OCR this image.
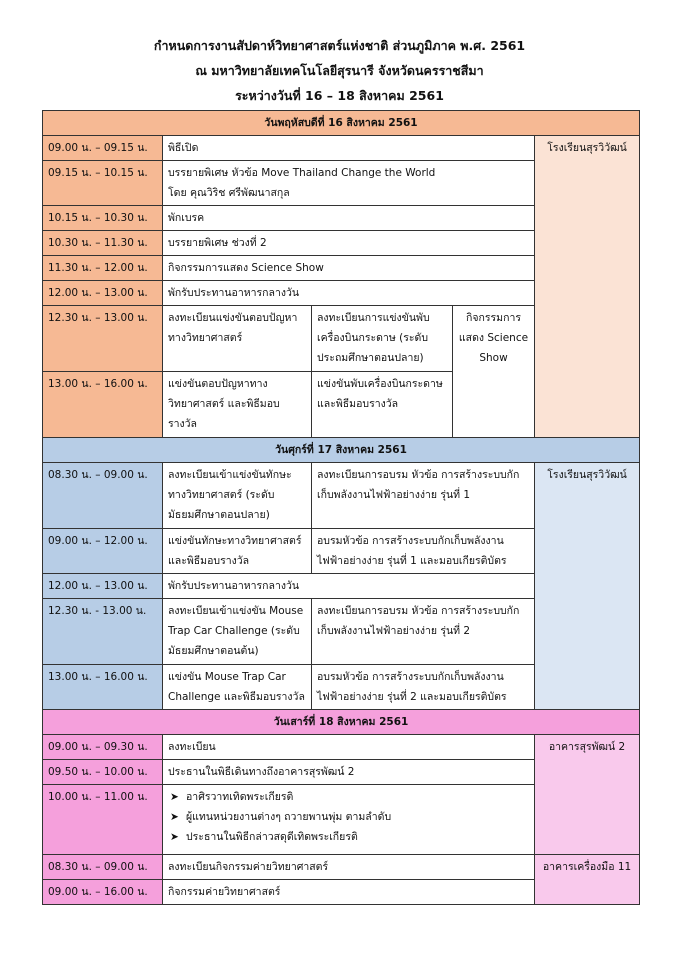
กำหนดการงานสัปดาห์วิทยาศาสตร์แห่งชาติ ส่วนภูมิภาค พ.ศ. 2561
ณ มหาวิทยาลัยเทคโนโลยีสุรนารี จังหวัดนครราชสีมา
ระหว่างวันที่ 16 – 18 สิงหาคม 2561
วันพฤหัสบดีที่ 16 สิงหาคม 2561				
09.00 น. – 09.15 น.	พิธีเปิด			โรงเรียนสุรวิวัฒน์
09.15 น. – 10.15 น.	บรรยายพิเศษ หัวข้อ Move Thailand Change the World
โดย คุณวิริช ศรีพัฒนาสกุล			
10.15 น. – 10.30 น.	พักเบรค			
10.30 น. – 11.30 น.	บรรยายพิเศษ ช่วงที่ 2			
11.30 น. – 12.00 น.	กิจกรรมการแสดง Science Show			
12.00 น. – 13.00 น.	พักรับประทานอาหารกลางวัน			
12.30 น. – 13.00 น.	ลงทะเบียนแข่งขันตอบปัญหาทางวิทยาศาสตร์	ลงทะเบียนการแข่งขันพับเครื่องบินกระดาษ (ระดับประถมศึกษาตอนปลาย)	กิจกรรมการแสดง Science Show	
13.00 น. – 16.00 น.	แข่งขันตอบปัญหาทางวิทยาศาสตร์ และพิธีมอบรางวัล	แข่งขันพับเครื่องบินกระดาษและพิธีมอบรางวัล		
วันศุกร์ที่ 17 สิงหาคม 2561				
08.30 น. – 09.00 น.	ลงทะเบียนเข้าแข่งขันทักษะทางวิทยาศาสตร์ (ระดับมัธยมศึกษาตอนปลาย)	ลงทะเบียนการอบรม หัวข้อ การสร้างระบบกักเก็บพลังงานไฟฟ้าอย่างง่าย รุ่นที่ 1		โรงเรียนสุรวิวัฒน์
09.00 น. – 12.00 น.	แข่งขันทักษะทางวิทยาศาสตร์และพิธีมอบรางวัล	อบรมหัวข้อ การสร้างระบบกักเก็บพลังงานไฟฟ้าอย่างง่าย รุ่นที่ 1 และมอบเกียรติบัตร		
12.00 น. – 13.00 น.	พักรับประทานอาหารกลางวัน			
12.30 น. - 13.00 น.	ลงทะเบียนเข้าแข่งขัน Mouse Trap Car Challenge (ระดับมัธยมศึกษาตอนต้น)	ลงทะเบียนการอบรม หัวข้อ การสร้างระบบกักเก็บพลังงานไฟฟ้าอย่างง่าย รุ่นที่ 2		
13.00 น. – 16.00 น.	แข่งขัน Mouse Trap Car Challenge และพิธีมอบรางวัล	อบรมหัวข้อ การสร้างระบบกักเก็บพลังงานไฟฟ้าอย่างง่าย รุ่นที่ 2 และมอบเกียรติบัตร		
วันเสาร์ที่ 18 สิงหาคม 2561				
09.00 น. – 09.30 น.	ลงทะเบียน			อาคารสุรพัฒน์ 2
09.50 น. – 10.00 น.	ประธานในพิธีเดินทางถึงอาคารสุรพัฒน์ 2			
10.00 น. – 11.00 น.	➤ อาศิรวาทเทิดพระเกียรติ
➤ ผู้แทนหน่วยงานต่างๆ ถวายพานพุ่ม ตามลำดับ
➤ ประธานในพิธีกล่าวสดุดีเทิดพระเกียรติ			

08.30 น. – 09.00 น.	ลงทะเบียนกิจกรรมค่ายวิทยาศาสตร์			อาคารเครื่องมือ 11
09.00 น. – 16.00 น.	กิจกรรมค่ายวิทยาศาสตร์			
